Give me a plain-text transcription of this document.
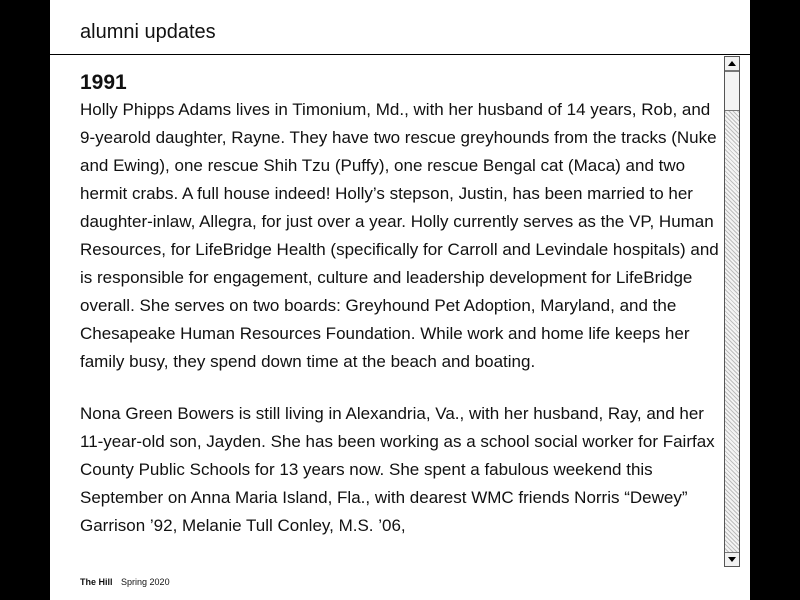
alumni updates
1991

Holly Phipps Adams lives in Timonium, Md., with her husband of 14 years, Rob, and 9-yearold daughter, Rayne. They have two rescue greyhounds from the tracks (Nuke and Ewing), one rescue Shih Tzu (Puffy), one rescue Bengal cat (Maca) and two hermit crabs. A full house indeed! Holly’s stepson, Justin, has been married to her daughter-inlaw, Allegra, for just over a year. Holly currently serves as the VP, Human Resources, for LifeBridge Health (specifically for Carroll and Levindale hospitals) and is responsible for engagement, culture and leadership development for LifeBridge overall. She serves on two boards: Greyhound Pet Adoption, Maryland, and the Chesapeake Human Resources Foundation. While work and home life keeps her family busy, they spend down time at the beach and boating.

Nona Green Bowers is still living in Alexandria, Va., with her husband, Ray, and her 11-year-old son, Jayden. She has been working as a school social worker for Fairfax County Public Schools for 13 years now. She spent a fabulous weekend this September on Anna Maria Island, Fla., with dearest WMC friends Norris “Dewey” Garrison ’92, Melanie Tull Conley, M.S. ’06,

The Hill Spring 2020
